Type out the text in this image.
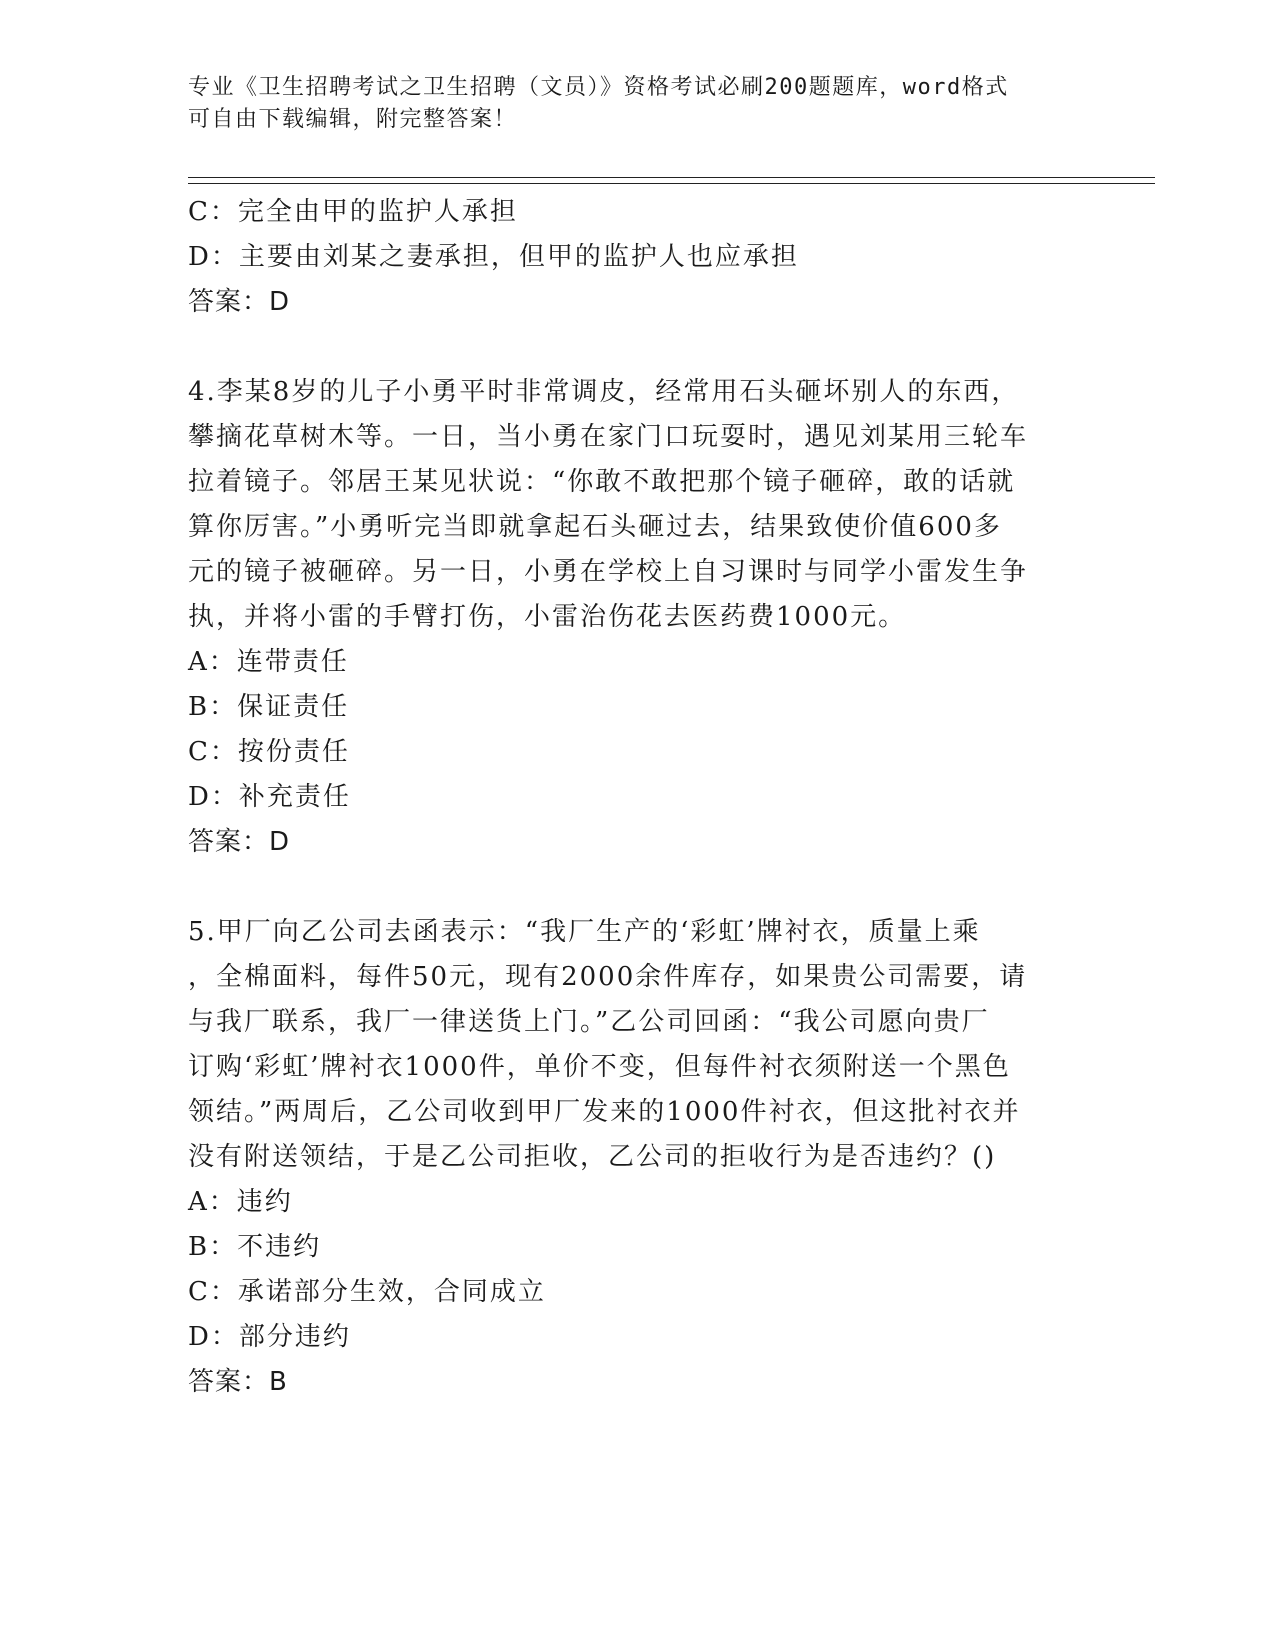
专业《卫生招聘考试之卫生招聘（文员）》资格考试必刷200题题库，word格式
可自由下载编辑，附完整答案！
C：完全由甲的监护人承担
D：主要由刘某之妻承担，但甲的监护人也应承担
答案：D
4.李某8岁的儿子小勇平时非常调皮，经常用石头砸坏别人的东西，
攀摘花草树木等。一日，当小勇在家门口玩耍时，遇见刘某用三轮车
拉着镜子。邻居王某见状说：“你敢不敢把那个镜子砸碎，敢的话就
算你厉害。”小勇听完当即就拿起石头砸过去，结果致使价值600多
元的镜子被砸碎。另一日，小勇在学校上自习课时与同学小雷发生争
执，并将小雷的手臂打伤，小雷治伤花去医药费1000元。
A：连带责任
B：保证责任
C：按份责任
D：补充责任
答案：D
5.甲厂向乙公司去函表示：“我厂生产的‘彩虹’牌衬衣，质量上乘
，全棉面料，每件50元，现有2000余件库存，如果贵公司需要，请
与我厂联系，我厂一律送货上门。”乙公司回函：“我公司愿向贵厂
订购‘彩虹’牌衬衣1000件，单价不变，但每件衬衣须附送一个黑色
领结。”两周后，乙公司收到甲厂发来的1000件衬衣，但这批衬衣并
没有附送领结，于是乙公司拒收，乙公司的拒收行为是否违约？()
A：违约
B：不违约
C：承诺部分生效，合同成立
D：部分违约
答案：B
